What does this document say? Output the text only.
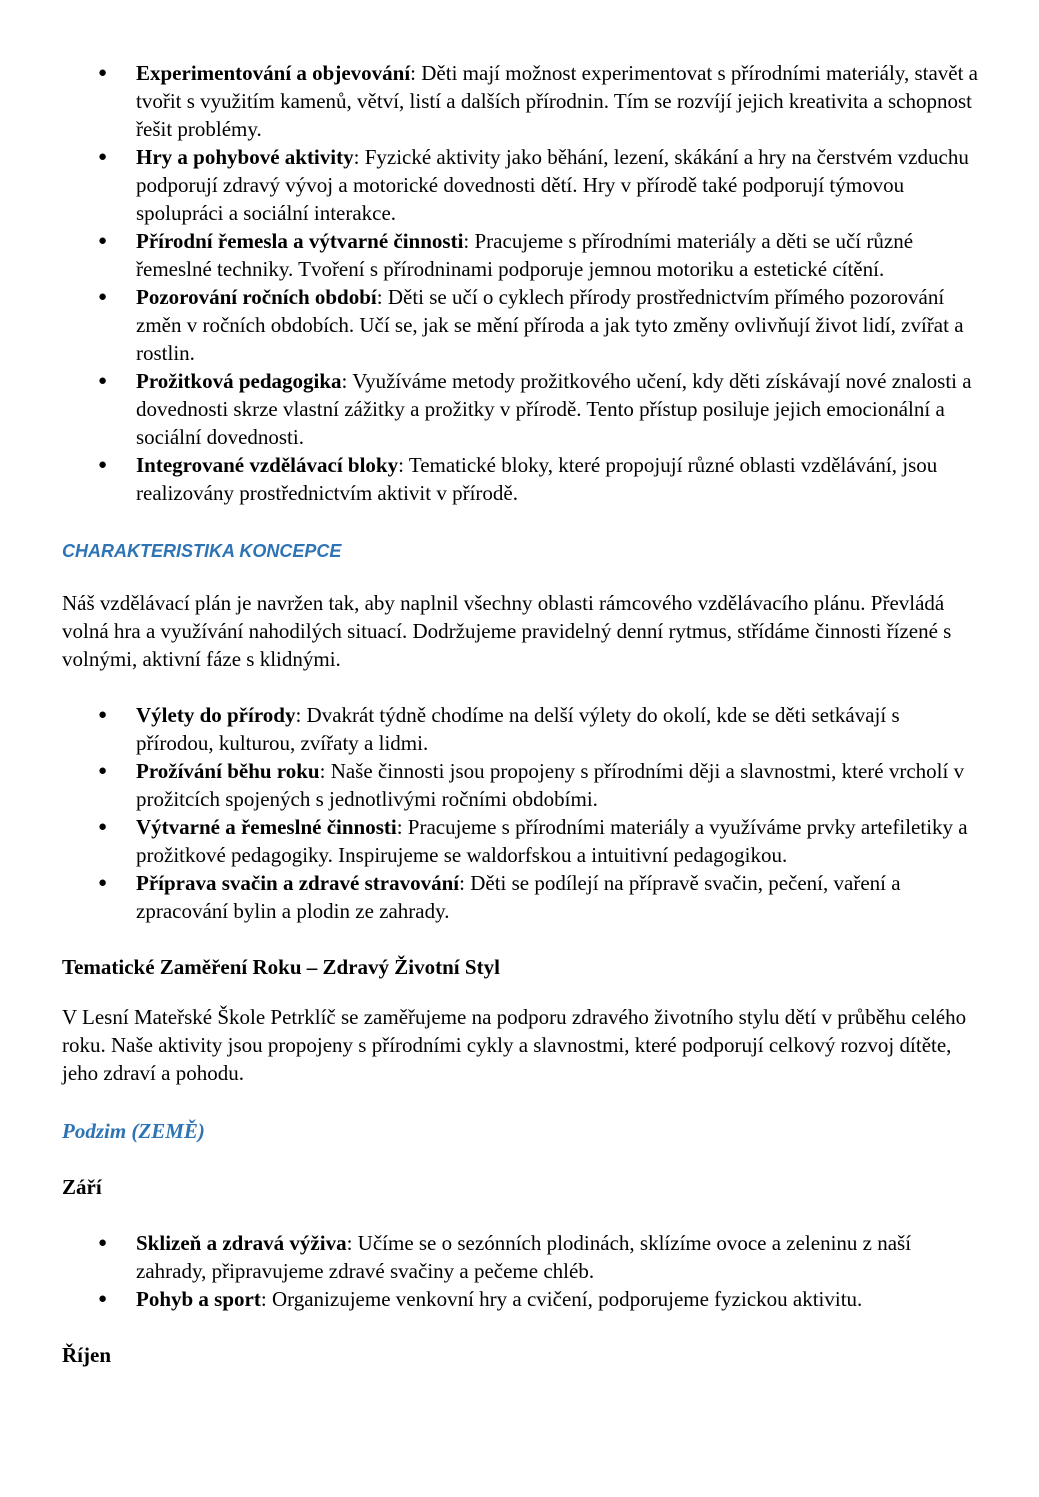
● Experimentování a objevování: Děti mají možnost experimentovat s přírodními materiály, stavět a tvořit s využitím kamenů, větví, listí a dalších přírodnin. Tím se rozvíjí jejich kreativita a schopnost řešit problémy.
● Hry a pohybové aktivity: Fyzické aktivity jako běhání, lezení, skákání a hry na čerstvém vzduchu podporují zdravý vývoj a motorické dovednosti dětí. Hry v přírodě také podporují týmovou spolupráci a sociální interakce.
● Přírodní řemesla a výtvarné činnosti: Pracujeme s přírodními materiály a děti se učí různé řemeslné techniky. Tvoření s přírodninami podporuje jemnou motoriku a estetické cítění.
● Pozorování ročních období: Děti se učí o cyklech přírody prostřednictvím přímého pozorování změn v ročních obdobích. Učí se, jak se mění příroda a jak tyto změny ovlivňují život lidí, zvířat a rostlin.
● Prožitková pedagogika: Využíváme metody prožitkového učení, kdy děti získávají nové znalosti a dovednosti skrze vlastní zážitky a prožitky v přírodě. Tento přístup posiluje jejich emocionální a sociální dovednosti.
● Integrované vzdělávací bloky: Tematické bloky, které propojují různé oblasti vzdělávání, jsou realizovány prostřednictvím aktivit v přírodě.
CHARAKTERISTIKA KONCEPCE

Náš vzdělávací plán je navržen tak, aby naplnil všechny oblasti rámcového vzdělávacího plánu. Převládá volná hra a využívání nahodilých situací. Dodržujeme pravidelný denní rytmus, střídáme činnosti řízené s volnými, aktivní fáze s klidnými.

● Výlety do přírody: Dvakrát týdně chodíme na delší výlety do okolí, kde se děti setkávají s přírodou, kulturou, zvířaty a lidmi.
● Prožívání běhu roku: Naše činnosti jsou propojeny s přírodními ději a slavnostmi, které vrcholí v prožitcích spojených s jednotlivými ročními obdobími.
● Výtvarné a řemeslné činnosti: Pracujeme s přírodními materiály a využíváme prvky artefiletiky a prožitkové pedagogiky. Inspirujeme se waldorfskou a intuitivní pedagogikou.
● Příprava svačin a zdravé stravování: Děti se podílejí na přípravě svačin, pečení, vaření a zpracování bylin a plodin ze zahrady.
Tematické Zaměření Roku – Zdravý Životní Styl

V Lesní Mateřské Škole Petrklíč se zaměřujeme na podporu zdravého životního stylu dětí v průběhu celého roku. Naše aktivity jsou propojeny s přírodními cykly a slavnostmi, které podporují celkový rozvoj dítěte, jeho zdraví a pohodu.

Podzim (ZEMĚ)
Září
● Sklizeň a zdravá výživa: Učíme se o sezónních plodinách, sklízíme ovoce a zeleninu z naší zahrady, připravujeme zdravé svačiny a pečeme chléb.
● Pohyb a sport: Organizujeme venkovní hry a cvičení, podporujeme fyzickou aktivitu.
Říjen
